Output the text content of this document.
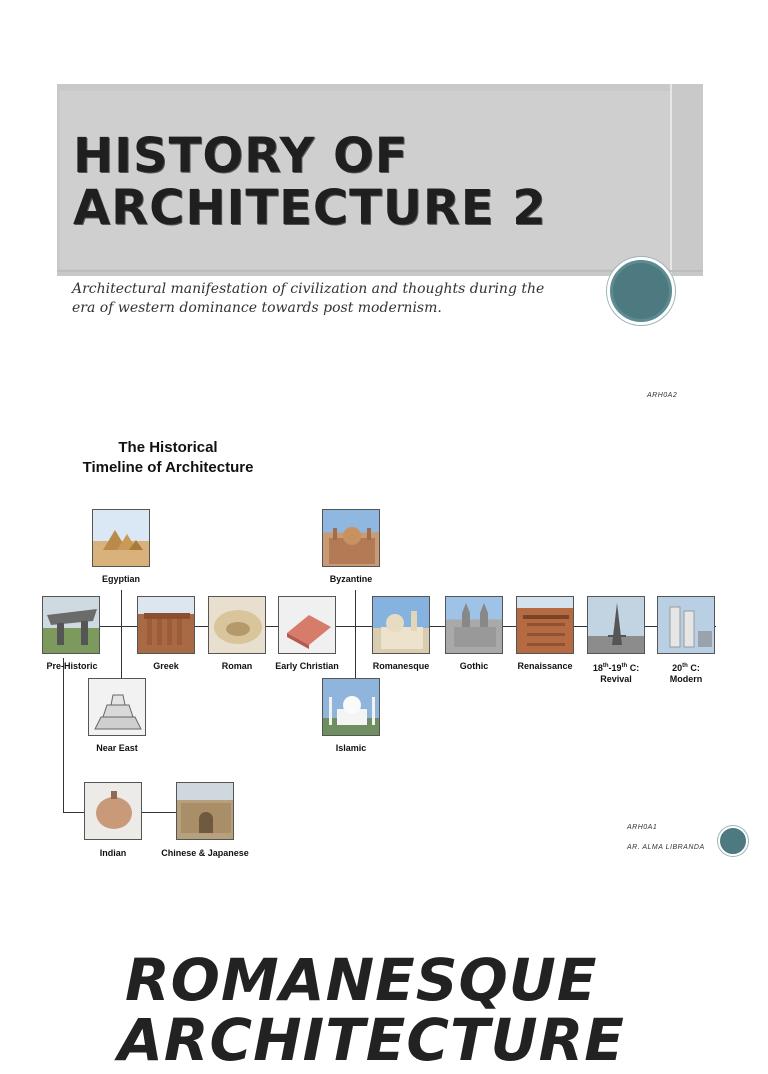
HISTORY OF
ARCHITECTURE 2
Architectural manifestation of civilization and thoughts during the era of western dominance towards post modernism.
ARH0A2
The Historical
Timeline of Architecture
Egyptian	Byzantine
Pre-Historic	Greek	Roman	Early Christian	Romanesque	Gothic	Renaissance	18th-19th C:
Revival
20th C:
Modern
Near East	Islamic
Indian	Chinese & Japanese
ARH0A1
AR. ALMA LIBRANDA
ROMANESQUE
ARCHITECTURE
